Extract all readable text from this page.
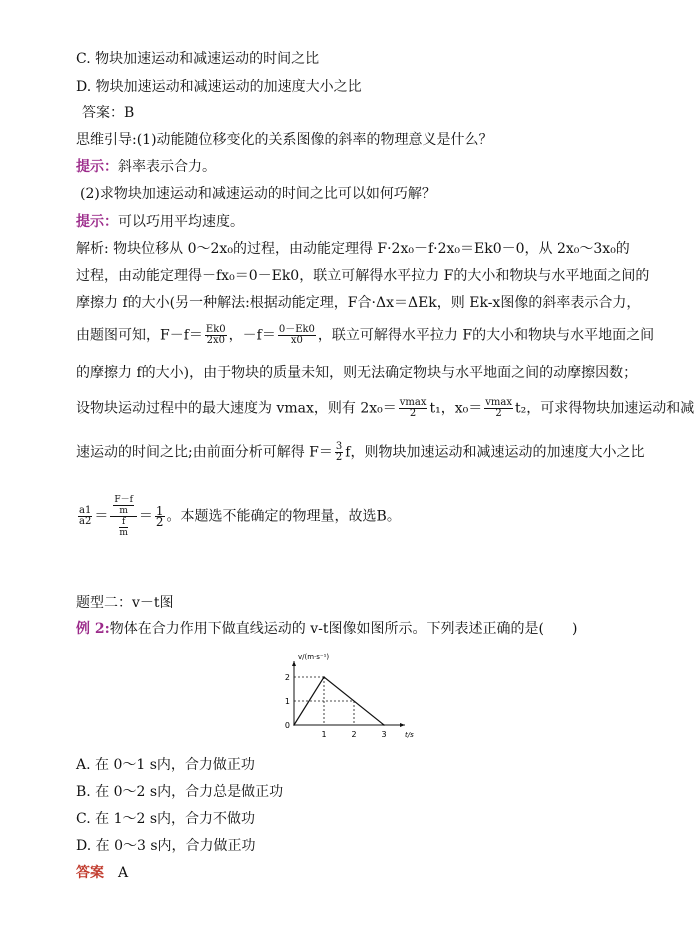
C. 物块加速运动和减速运动的时间之比
D. 物块加速运动和减速运动的加速度大小之比
答案：B
思维引导:(1)动能随位移变化的关系图像的斜率的物理意义是什么？
提示：斜率表示合力。
(2)求物块加速运动和减速运动的时间之比可以如何巧解？
提示：可以巧用平均速度。
解析: 物块位移从 0～2x₀的过程，由动能定理得 F·2x₀－f·2x₀＝Ek0－0，从 2x₀～3x₀的
过程，由动能定理得－fx₀＝0－Ek0，联立可解得水平拉力 F的大小和物块与水平地面之间的
摩擦力 f的大小(另一种解法:根据动能定理，F合·Δx＝ΔEk，则 Ek-x图像的斜率表示合力，
由题图可知，$F-f= \frac{Ek0}{2x0}$ ，$-f= \frac{0-Ek0}{x0}$ ，联立可解得水平拉力 F的大小和物块与水平地面之间
的摩擦力 f的大小)，由于物块的质量未知，则无法确定物块与水平地面之间的动摩擦因数；
设物块运动过程中的最大速度为 vmax，则有 $2x_0= \frac{vmax}{2} t_1$，$x_0= \frac{vmax}{2} t_2$，可求得物块加速运动和减
速运动的时间之比;由前面分析可解得 $F= \frac{3}{2}$ f，则物块加速运动和减速运动的加速度大小之比
$\frac{a1}{a2} = \frac{\frac{F-f}{m}}{\frac{f}{m}} = \frac{1}{2}$ 。本题选不能确定的物理量，故选B。
题型二：v－t图
例 2:物体在合力作用下做直线运动的 v-t图像如图所示。下列表述正确的是(　　)
1	2	3
0
1
2
t/s
v/(m·s⁻¹)
A. 在 0～1 s内，合力做正功
B. 在 0～2 s内，合力总是做正功
C. 在 1～2 s内，合力不做功
D. 在 0～3 s内，合力做正功
答案　 A
